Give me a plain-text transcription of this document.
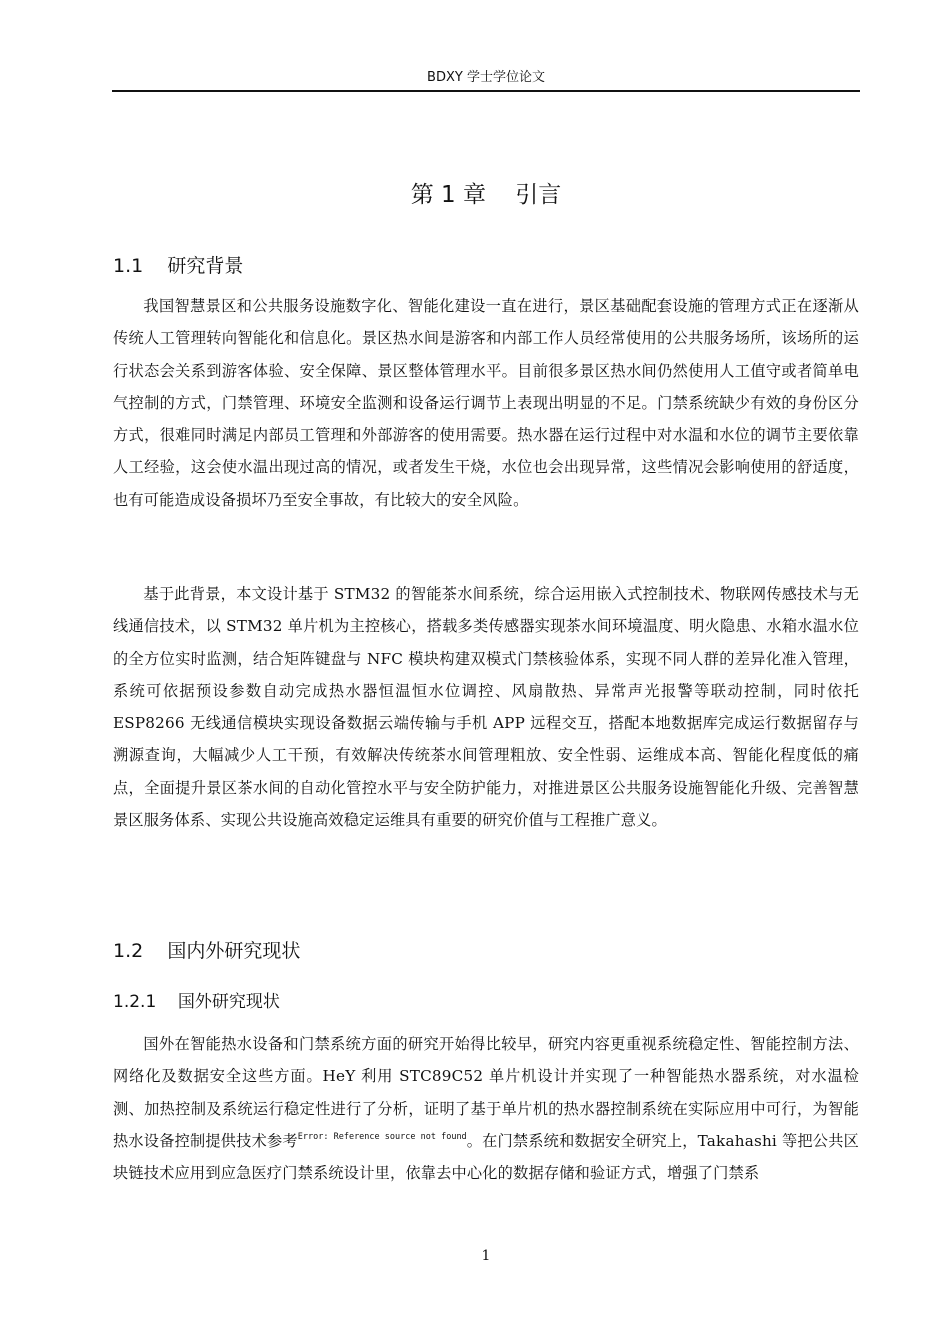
BDXY 学士学位论文
第 1 章    引言
1.1    研究背景

我国智慧景区和公共服务设施数字化、智能化建设一直在进行，景区基础配套设施的管理方式正在逐渐从传统人工管理转向智能化和信息化。景区热水间是游客和内部工作人员经常使用的公共服务场所，该场所的运行状态会关系到游客体验、安全保障、景区整体管理水平。目前很多景区热水间仍然使用人工值守或者简单电气控制的方式，门禁管理、环境安全监测和设备运行调节上表现出明显的不足。门禁系统缺少有效的身份区分方式，很难同时满足内部员工管理和外部游客的使用需要。热水器在运行过程中对水温和水位的调节主要依靠人工经验，这会使水温出现过高的情况，或者发生干烧，水位也会出现异常，这些情况会影响使用的舒适度，也有可能造成设备损坏乃至安全事故，有比较大的安全风险。

基于此背景，本文设计基于 STM32 的智能茶水间系统，综合运用嵌入式控制技术、物联网传感技术与无线通信技术，以 STM32 单片机为主控核心，搭载多类传感器实现茶水间环境温度、明火隐患、水箱水温水位的全方位实时监测，结合矩阵键盘与 NFC 模块构建双模式门禁核验体系，实现不同人群的差异化准入管理，系统可依据预设参数自动完成热水器恒温恒水位调控、风扇散热、异常声光报警等联动控制，同时依托 ESP8266 无线通信模块实现设备数据云端传输与手机 APP 远程交互，搭配本地数据库完成运行数据留存与溯源查询，大幅减少人工干预，有效解决传统茶水间管理粗放、安全性弱、运维成本高、智能化程度低的痛点，全面提升景区茶水间的自动化管控水平与安全防护能力，对推进景区公共服务设施智能化升级、完善智慧景区服务体系、实现公共设施高效稳定运维具有重要的研究价值与工程推广意义。

1.2    国内外研究现状
1.2.1    国外研究现状

国外在智能热水设备和门禁系统方面的研究开始得比较早，研究内容更重视系统稳定性、智能控制方法、网络化及数据安全这些方面。HeY 利用 STC89C52 单片机设计并实现了一种智能热水器系统，对水温检测、加热控制及系统运行稳定性进行了分析，证明了基于单片机的热水器控制系统在实际应用中可行，为智能热水设备控制提供技术参考$^{Error: Reference source not found}$。在门禁系统和数据安全研究上，Takahashi 等把公共区块链技术应用到应急医疗门禁系统设计里，依靠去中心化的数据存储和验证方式，增强了门禁系

1
